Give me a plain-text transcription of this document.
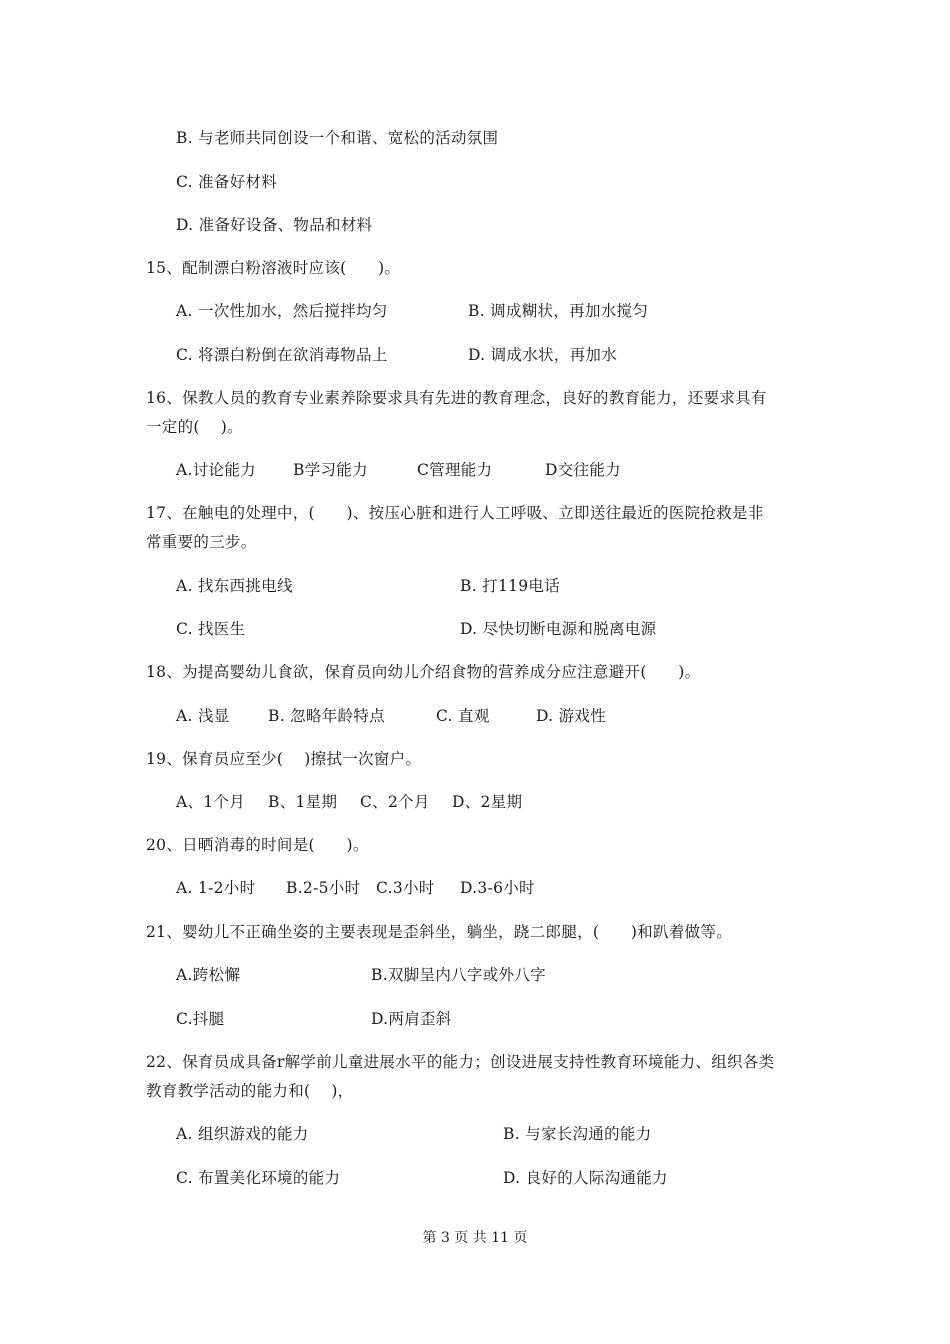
B. 与老师共同创设一个和谐、宽松的活动氛围
C. 准备好材料
D. 准备好设备、物品和材料
15、配制漂白粉溶液时应该(　　)。
A. 一次性加水，然后搅拌均匀	B. 调成糊状，再加水搅匀
C. 将漂白粉倒在欲消毒物品上	D. 调成水状，再加水
16、保教人员的教育专业素养除要求具有先进的教育理念，良好的教育能力，还要求具有
一定的(　 )。
A.讨论能力 B学习能力	C管理能力	D交往能力
17、在触电的处理中，(　　)、按压心脏和进行人工呼吸、立即送往最近的医院抢救是非
常重要的三步。
A. 找东西挑电线	B. 打119电话
C. 找医生	D. 尽快切断电源和脱离电源
18、为提高婴幼儿食欲，保育员向幼儿介绍食物的营养成分应注意避开(　　)。
A. 浅显 B. 忽略年龄特点	C. 直观	D. 游戏性
19、保育员应至少(　 )擦拭一次窗户。
A、1个月 B、1星期 C、2个月 D、2星期
20、日晒消毒的时间是(　　)。
A. 1-2小时 B.2-5小时 C.3小时 D.3-6小时
21、婴幼儿不正确坐姿的主要表现是歪斜坐，躺坐，跷二郎腿，(　　)和趴着做等。
A.跨松懈	B.双脚呈内八字或外八字
C.抖腿	D.两肩歪斜
22、保育员成具备r解学前儿童进展水平的能力；创设进展支持性教育环境能力、组织各类
教育教学活动的能力和(　 )，
A. 组织游戏的能力	B. 与家长沟通的能力
C. 布置美化环境的能力	D. 良好的人际沟通能力
第 3 页 共 11 页
